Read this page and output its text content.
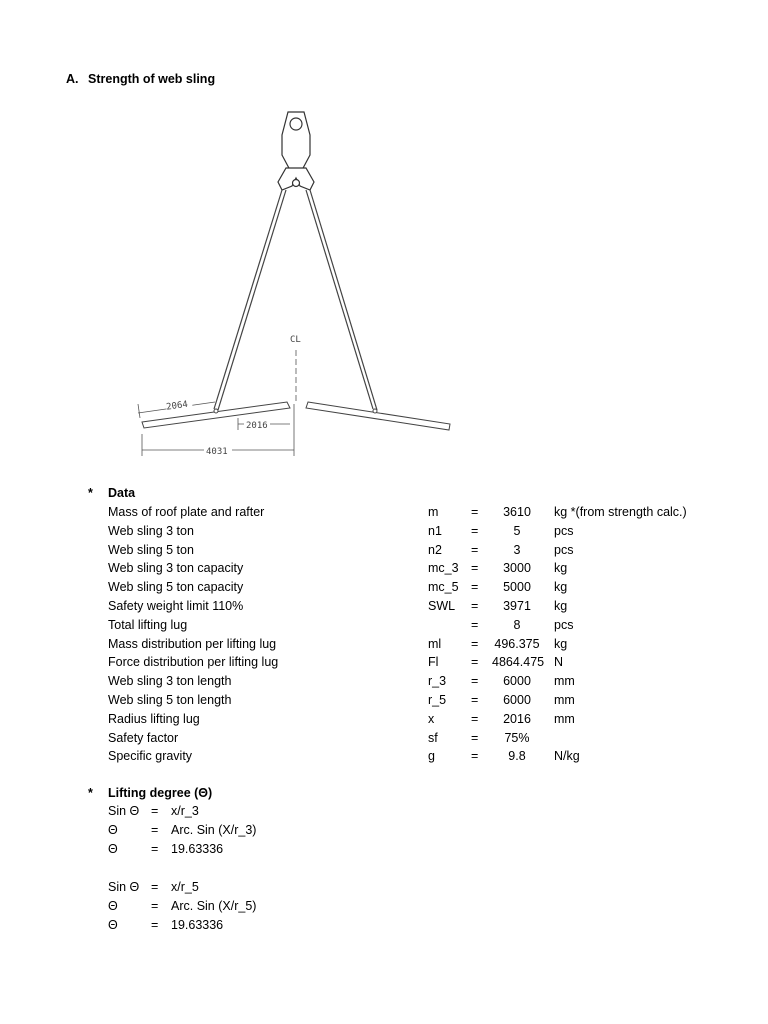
A. Strength of web sling
CL
2064
2016
4031
* Data
Mass of roof plate and rafter	m	=	3610	kg *(from strength calc.)
Web sling 3 ton	n1 =	5	pcs
Web sling 5 ton	n2 =	3	pcs
Web sling 3 ton capacity	mc_3 =	3000	kg
Web sling 5 ton capacity	mc_5 =	5000	kg
Safety weight limit 110%	SWL =	3971	kg
Total lifting lug	=	8	pcs
Mass distribution per lifting lug	ml = 496.375 kg
Force distribution per lifting lug	Fl	= 4864.475 N
Web sling 3 ton length	r_3 =	6000	mm
Web sling 5 ton length	r_5 =	6000	mm
Radius lifting lug	x	=	2016	mm
Safety factor	sf	=	75%
Specific gravity	g	=	9.8	N/kg
* Lifting degree (Θ)
Sin Θ = x/r_3
Θ	= Arc. Sin (X/r_3)
Θ	= 19.63336
Sin Θ = x/r_5
Θ	= Arc. Sin (X/r_5)
Θ	= 19.63336
